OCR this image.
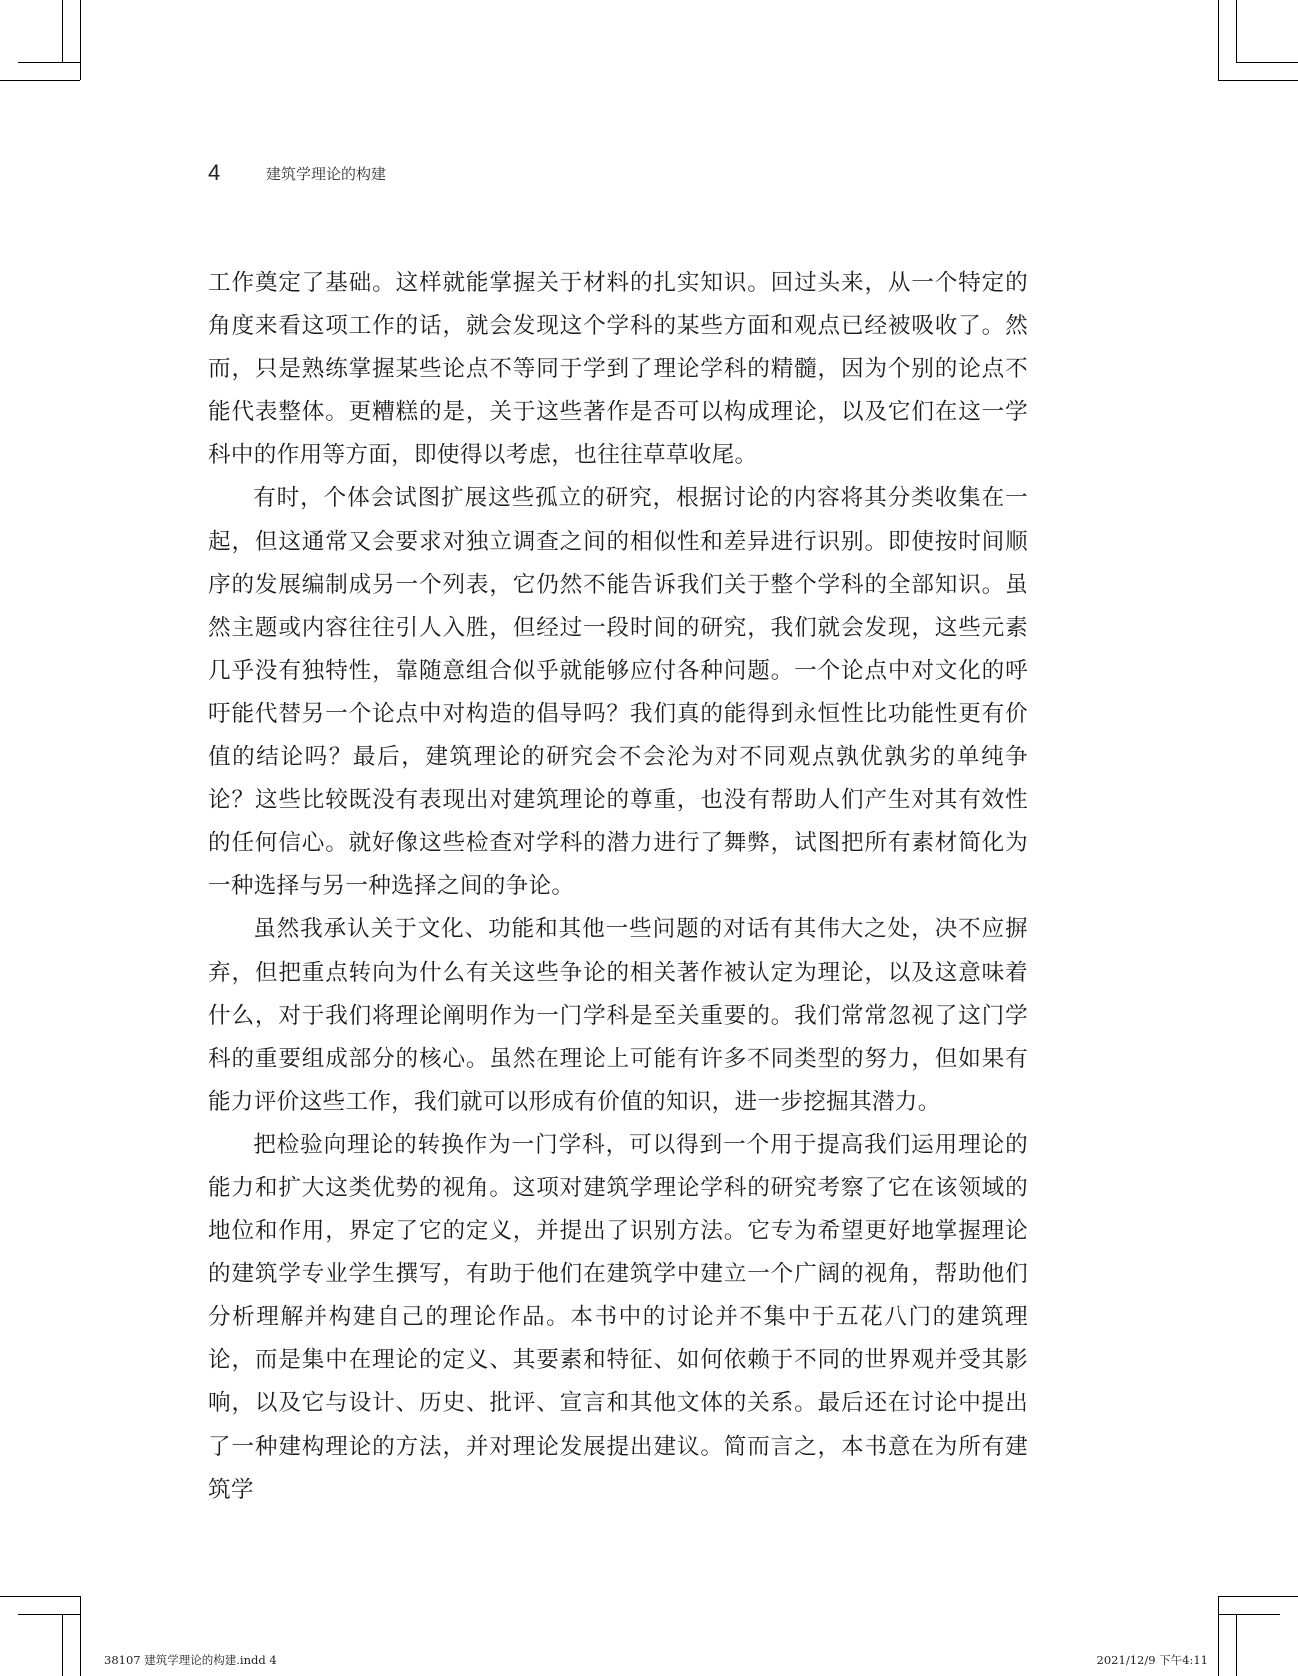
4	建筑学理论的构建

工作奠定了基础。这样就能掌握关于材料的扎实知识。回过头来，从一个特定的角度来看这项工作的话，就会发现这个学科的某些方面和观点已经被吸收了。然而，只是熟练掌握某些论点不等同于学到了理论学科的精髓，因为个别的论点不能代表整体。更糟糕的是，关于这些著作是否可以构成理论，以及它们在这一学科中的作用等方面，即使得以考虑，也往往草草收尾。

有时，个体会试图扩展这些孤立的研究，根据讨论的内容将其分类收集在一起，但这通常又会要求对独立调查之间的相似性和差异进行识别。即使按时间顺序的发展编制成另一个列表，它仍然不能告诉我们关于整个学科的全部知识。虽然主题或内容往往引人入胜，但经过一段时间的研究，我们就会发现，这些元素几乎没有独特性，靠随意组合似乎就能够应付各种问题。一个论点中对文化的呼吁能代替另一个论点中对构造的倡导吗？我们真的能得到永恒性比功能性更有价值的结论吗？最后，建筑理论的研究会不会沦为对不同观点孰优孰劣的单纯争论？这些比较既没有表现出对建筑理论的尊重，也没有帮助人们产生对其有效性的任何信心。就好像这些检查对学科的潜力进行了舞弊，试图把所有素材简化为一种选择与另一种选择之间的争论。

虽然我承认关于文化、功能和其他一些问题的对话有其伟大之处，决不应摒弃，但把重点转向为什么有关这些争论的相关著作被认定为理论，以及这意味着什么，对于我们将理论阐明作为一门学科是至关重要的。我们常常忽视了这门学科的重要组成部分的核心。虽然在理论上可能有许多不同类型的努力，但如果有能力评价这些工作，我们就可以形成有价值的知识，进一步挖掘其潜力。

把检验向理论的转换作为一门学科，可以得到一个用于提高我们运用理论的能力和扩大这类优势的视角。这项对建筑学理论学科的研究考察了它在该领域的地位和作用，界定了它的定义，并提出了识别方法。它专为希望更好地掌握理论的建筑学专业学生撰写，有助于他们在建筑学中建立一个广阔的视角，帮助他们分析理解并构建自己的理论作品。本书中的讨论并不集中于五花八门的建筑理论，而是集中在理论的定义、其要素和特征、如何依赖于不同的世界观并受其影响，以及它与设计、历史、批评、宣言和其他文体的关系。最后还在讨论中提出了一种建构理论的方法，并对理论发展提出建议。简而言之，本书意在为所有建筑学

38107 建筑学理论的构建.indd 4	2021/12/9 下午4:11
